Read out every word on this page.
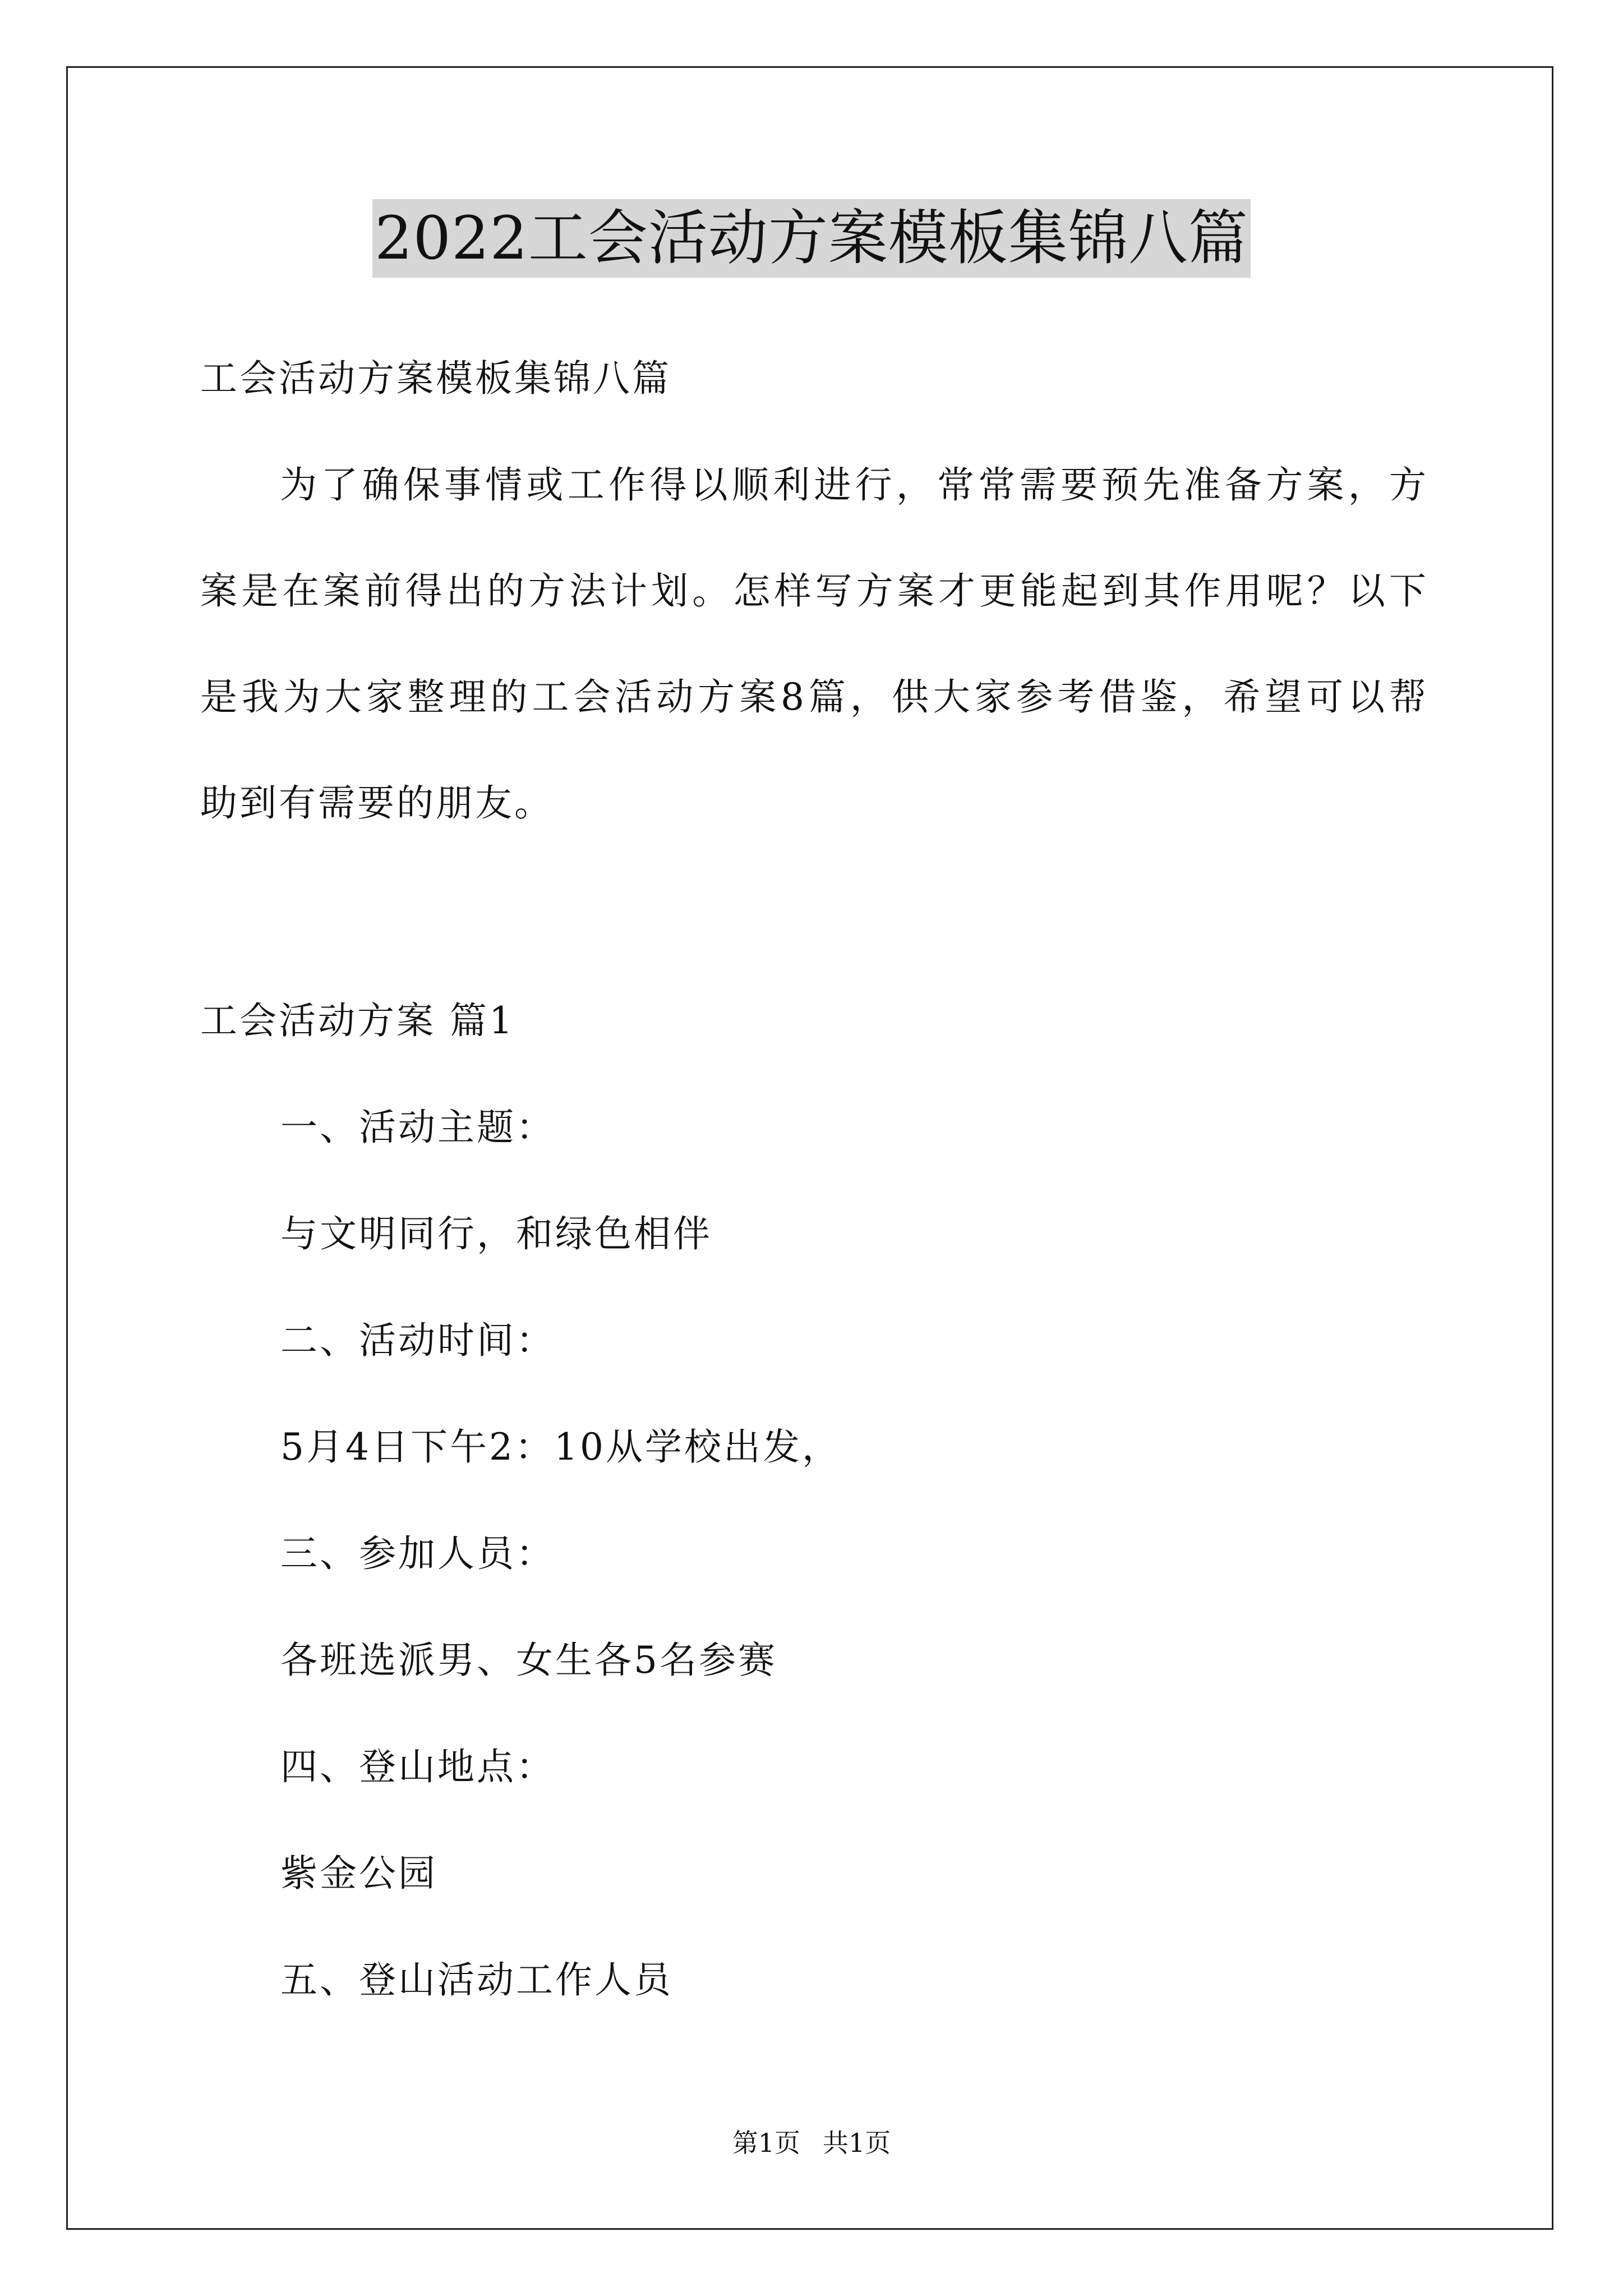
2022工会活动方案模板集锦八篇
工会活动方案模板集锦八篇
为了确保事情或工作得以顺利进行，常常需要预先准备方案，方
案是在案前得出的方法计划。怎样写方案才更能起到其作用呢？以下
是我为大家整理的工会活动方案8篇，供大家参考借鉴，希望可以帮
助到有需要的朋友。
工会活动方案 篇1
一、活动主题：
与文明同行，和绿色相伴
二、活动时间：
5月4日下午2：10从学校出发，
三、参加人员：
各班选派男、女生各5名参赛
四、登山地点：
紫金公园
五、登山活动工作人员
第1页 共1页
